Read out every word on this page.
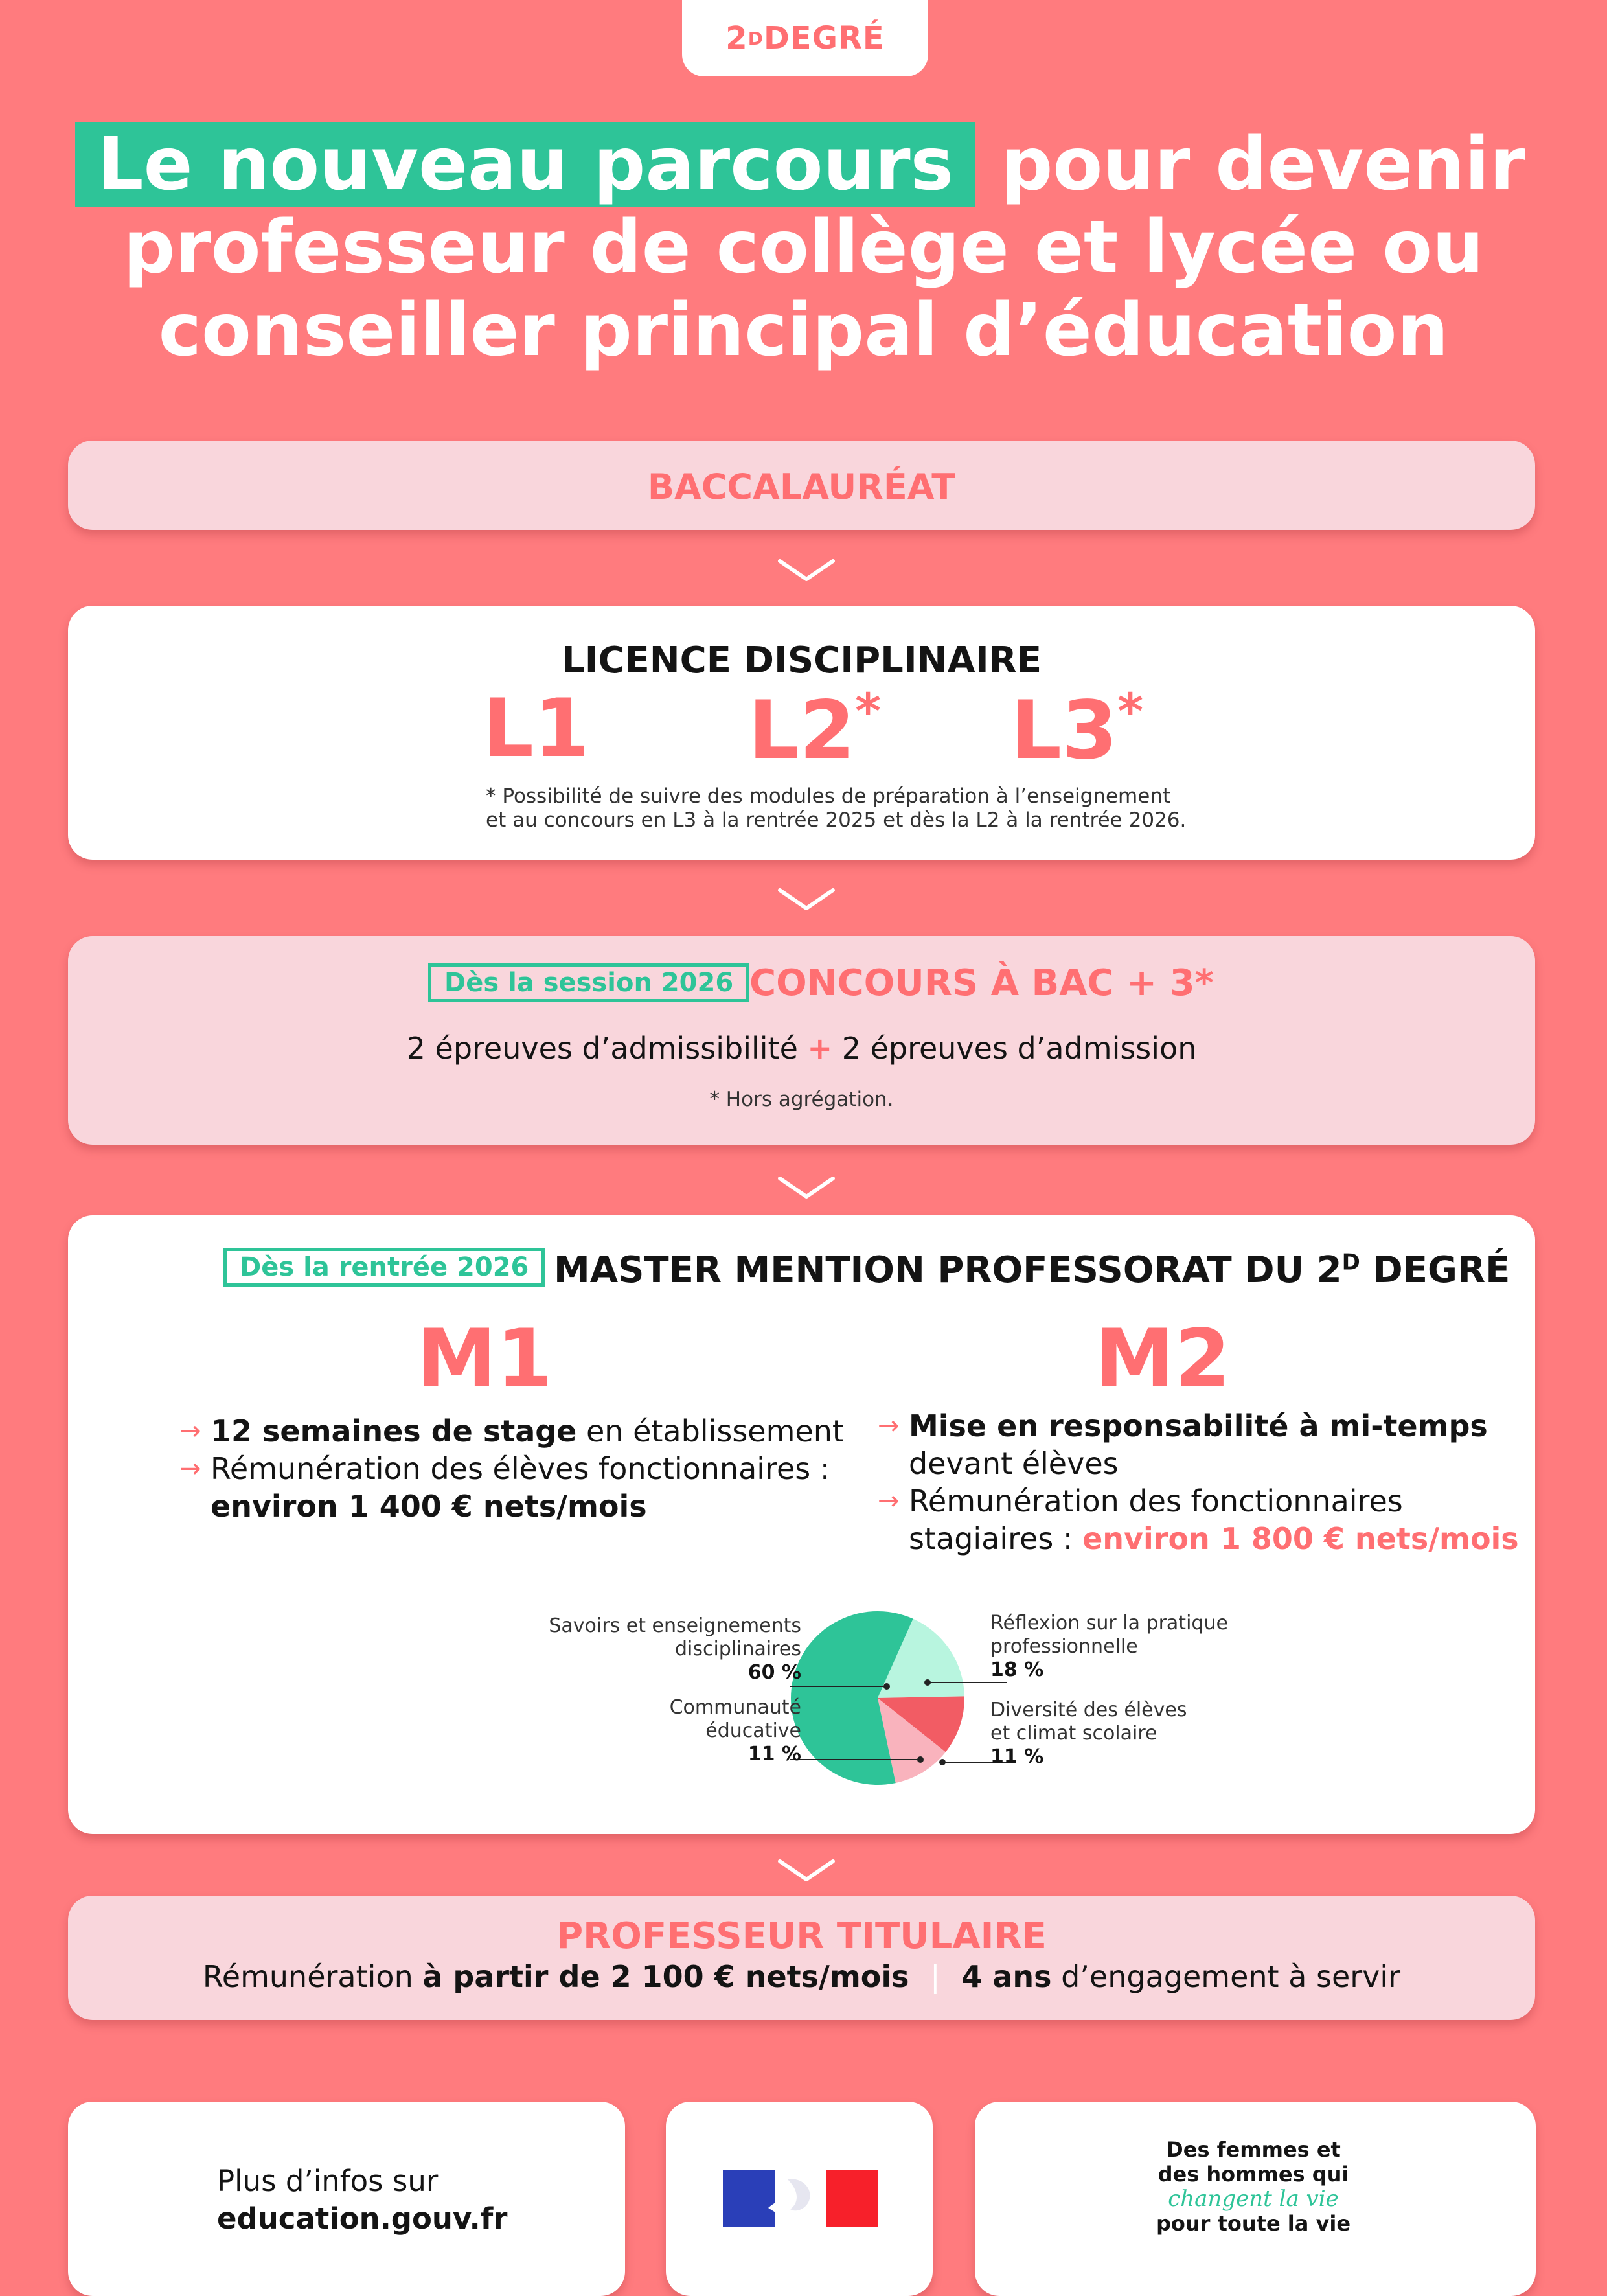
2 D DEGRÉ
Le nouveau parcours pour devenir
professeur de collège et lycée ou
conseiller principal d’éducation
BACCALAURÉAT
LICENCE DISCIPLINAIRE
L1 L2* L3*
* Possibilité de suivre des modules de préparation à l’enseignement
et au concours en L3 à la rentrée 2025 et dès la L2 à la rentrée 2026.
Dès la session 2026 CONCOURS À BAC + 3*
2 épreuves d’admissibilité + 2 épreuves d’admission
* Hors agrégation.
Dès la rentrée 2026 MASTER MENTION PROFESSORAT DU $2^D$ DEGRÉ
M1	M2
→ 12 semaines de stage en établissement
→ Rémunération des élèves fonctionnaires :
environ 1 400 € nets/mois
→ Mise en responsabilité à mi-temps
devant élèves
→ Rémunération des fonctionnaires
stagiaires : environ 1 800 € nets/mois
Savoirs et enseignements
disciplinaires
60 %
Communauté
éducative
11 %
Réflexion sur la pratique
professionnelle
18 %
Diversité des élèves
et climat scolaire
11 %
PROFESSEUR TITULAIRE
Rémunération à partir de 2 100 € nets/mois | 4 ans d’engagement à servir
Plus d’infos sur
education.gouv.fr
Des femmes et
des hommes qui
changent la vie
pour toute la vie
